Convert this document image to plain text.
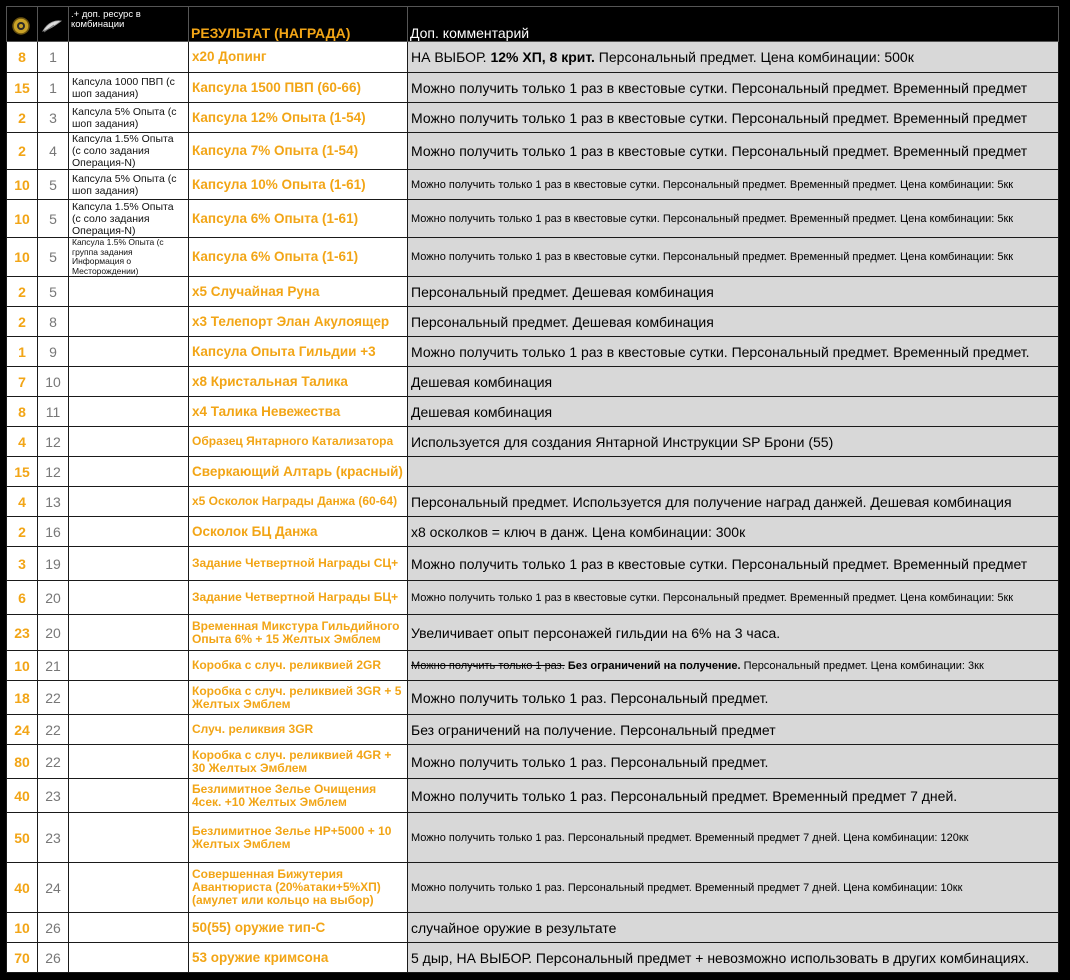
		.+ доп. ресурс в комбинации	РЕЗУЛЬТАТ (НАГРАДА)	Доп. комментарий
8	1		х20 Допинг	НА ВЫБОР. 12% ХП, 8 крит. Персональный предмет. Цена комбинации: 500к
15	1	Капсула 1000 ПВП (с шоп задания)	Капсула 1500 ПВП (60-66)	Можно получить только 1 раз в квестовые сутки. Персональный предмет. Временный предмет
2	3	Капсула 5% Опыта (с шоп задания)	Капсула 12% Опыта (1-54)	Можно получить только 1 раз в квестовые сутки. Персональный предмет. Временный предмет
2	4	Капсула 1.5% Опыта (с соло задания Операция-N)	Капсула 7% Опыта (1-54)	Можно получить только 1 раз в квестовые сутки. Персональный предмет. Временный предмет
10	5	Капсула 5% Опыта (с шоп задания)	Капсула 10% Опыта (1-61)	Можно получить только 1 раз в квестовые сутки. Персональный предмет. Временный предмет. Цена комбинации: 5кк
10	5	Капсула 1.5% Опыта (с соло задания Операция-N)	Капсула 6% Опыта (1-61)	Можно получить только 1 раз в квестовые сутки. Персональный предмет. Временный предмет. Цена комбинации: 5кк
10	5	Капсула 1.5% Опыта (с группа задания Информация о Месторождении)	Капсула 6% Опыта (1-61)	Можно получить только 1 раз в квестовые сутки. Персональный предмет. Временный предмет. Цена комбинации: 5кк
2	5		х5 Случайная Руна	Персональный предмет. Дешевая комбинация
2	8		х3 Телепорт Элан Акулоящер	Персональный предмет. Дешевая комбинация
1	9		Капсула Опыта Гильдии +3	Можно получить только 1 раз в квестовые сутки. Персональный предмет. Временный предмет.
7	10		х8 Кристальная Талика	Дешевая комбинация
8	11		х4 Талика Невежества	Дешевая комбинация
4	12		Образец Янтарного Катализатора	Используется для создания Янтарной Инструкции SP Брони (55)
15	12		Сверкающий Алтарь (красный)	
4	13		х5 Осколок Награды Данжа (60-64)	Персональный предмет. Используется для получение наград данжей. Дешевая комбинация
2	16		Осколок БЦ Данжа	х8 осколков = ключ в данж. Цена комбинации: 300к
3	19		Задание Четвертной Награды СЦ+	Можно получить только 1 раз в квестовые сутки. Персональный предмет. Временный предмет
6	20		Задание Четвертной Награды БЦ+	Можно получить только 1 раз в квестовые сутки. Персональный предмет. Временный предмет. Цена комбинации: 5кк
23	20		Временная Микстура Гильдийного Опыта 6% + 15 Желтых Эмблем	Увеличивает опыт персонажей гильдии на 6% на 3 часа.
10	21		Коробка с случ. реликвией 2GR	Можно получить только 1 раз. Без ограничений на получение. Персональный предмет. Цена комбинации: 3кк
18	22		Коробка с случ. реликвией 3GR + 5 Желтых Эмблем	Можно получить только 1 раз. Персональный предмет.
24	22		Случ. реликвия 3GR	Без ограничений на получение. Персональный предмет
80	22		Коробка с случ. реликвией 4GR + 30 Желтых Эмблем	Можно получить только 1 раз. Персональный предмет.
40	23		Безлимитное Зелье Очищения 4сек. +10 Желтых Эмблем	Можно получить только 1 раз. Персональный предмет. Временный предмет 7 дней.
50	23		Безлимитное Зелье НР+5000 + 10 Желтых Эмблем	Можно получить только 1 раз. Персональный предмет. Временный предмет 7 дней. Цена комбинации: 120кк
40	24		Совершенная Бижутерия Авантюриста (20%атаки+5%ХП)(амулет или кольцо на выбор)	Можно получить только 1 раз. Персональный предмет. Временный предмет 7 дней. Цена комбинации: 10кк
10	26		50(55) оружие тип-С	случайное оружие в результате
70	26		53 оружие кримсона	5 дыр, НА ВЫБОР. Персональный предмет + невозможно использовать в других комбинациях.
